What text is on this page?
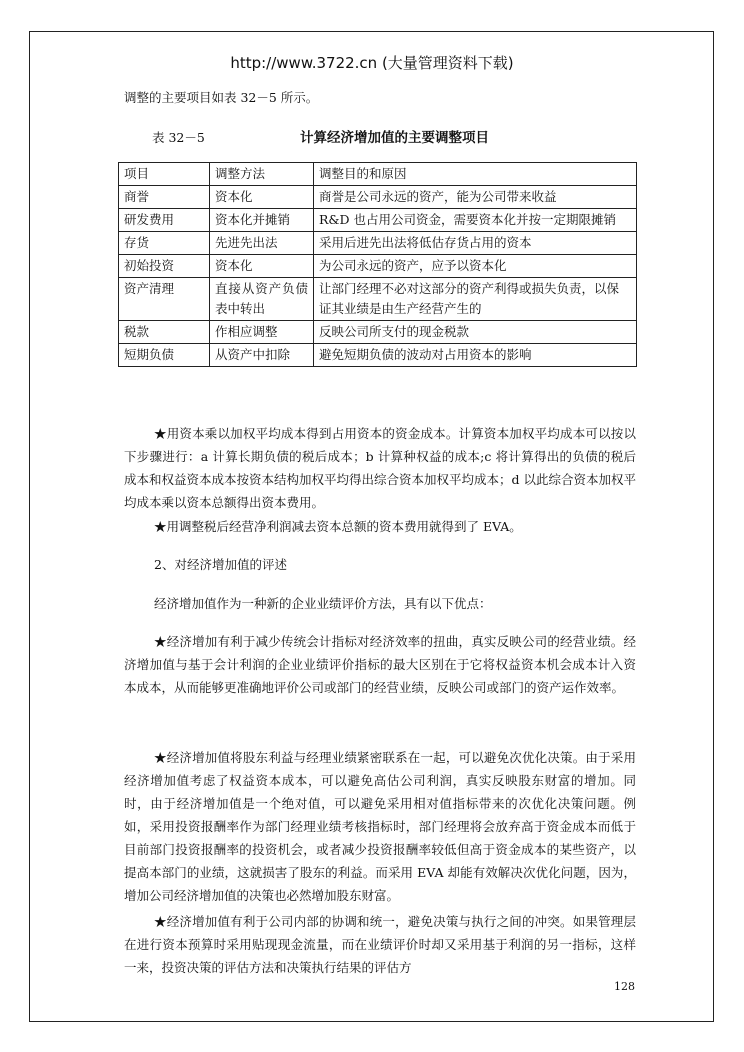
http://www.3722.cn (大量管理资料下载)

调整的主要项目如表 32－5 所示。

表 32－5	计算经济增加值的主要调整项目
项目	调整方法	调整目的和原因
商誉	资本化	商誉是公司永远的资产，能为公司带来收益
研发费用	资本化并摊销	R&D 也占用公司资金，需要资本化并按一定期限摊销
存货	先进先出法	采用后进先出法将低估存货占用的资本
初始投资	资本化	为公司永远的资产，应予以资本化
资产清理	直接从资产负债表中转出	让部门经理不必对这部分的资产利得或损失负责，以保证其业绩是由生产经营产生的
税款	作相应调整	反映公司所支付的现金税款
短期负债	从资产中扣除	避免短期负债的波动对占用资本的影响

★用资本乘以加权平均成本得到占用资本的资金成本。计算资本加权平均成本可以按以下步骤进行：a 计算长期负债的税后成本；b 计算种权益的成本;c 将计算得出的负债的税后成本和权益资本成本按资本结构加权平均得出综合资本加权平均成本；d 以此综合资本加权平均成本乘以资本总额得出资本费用。

★用调整税后经营净利润减去资本总额的资本费用就得到了 EVA。

2、对经济增加值的评述

经济增加值作为一种新的企业业绩评价方法，具有以下优点：

★经济增加有利于减少传统会计指标对经济效率的扭曲，真实反映公司的经营业绩。经济增加值与基于会计利润的企业业绩评价指标的最大区别在于它将权益资本机会成本计入资本成本，从而能够更准确地评价公司或部门的经营业绩，反映公司或部门的资产运作效率。

★经济增加值将股东利益与经理业绩紧密联系在一起，可以避免次优化决策。由于采用经济增加值考虑了权益资本成本，可以避免高估公司利润，真实反映股东财富的增加。同时，由于经济增加值是一个绝对值，可以避免采用相对值指标带来的次优化决策问题。例如，采用投资报酬率作为部门经理业绩考核指标时，部门经理将会放弃高于资金成本而低于目前部门投资报酬率的投资机会，或者减少投资报酬率较低但高于资金成本的某些资产，以提高本部门的业绩，这就损害了股东的利益。而采用 EVA 却能有效解决次优化问题，因为，增加公司经济增加值的决策也必然增加股东财富。

★经济增加值有利于公司内部的协调和统一，避免决策与执行之间的冲突。如果管理层在进行资本预算时采用贴现现金流量，而在业绩评价时却又采用基于利润的另一指标，这样一来，投资决策的评估方法和决策执行结果的评估方

128
